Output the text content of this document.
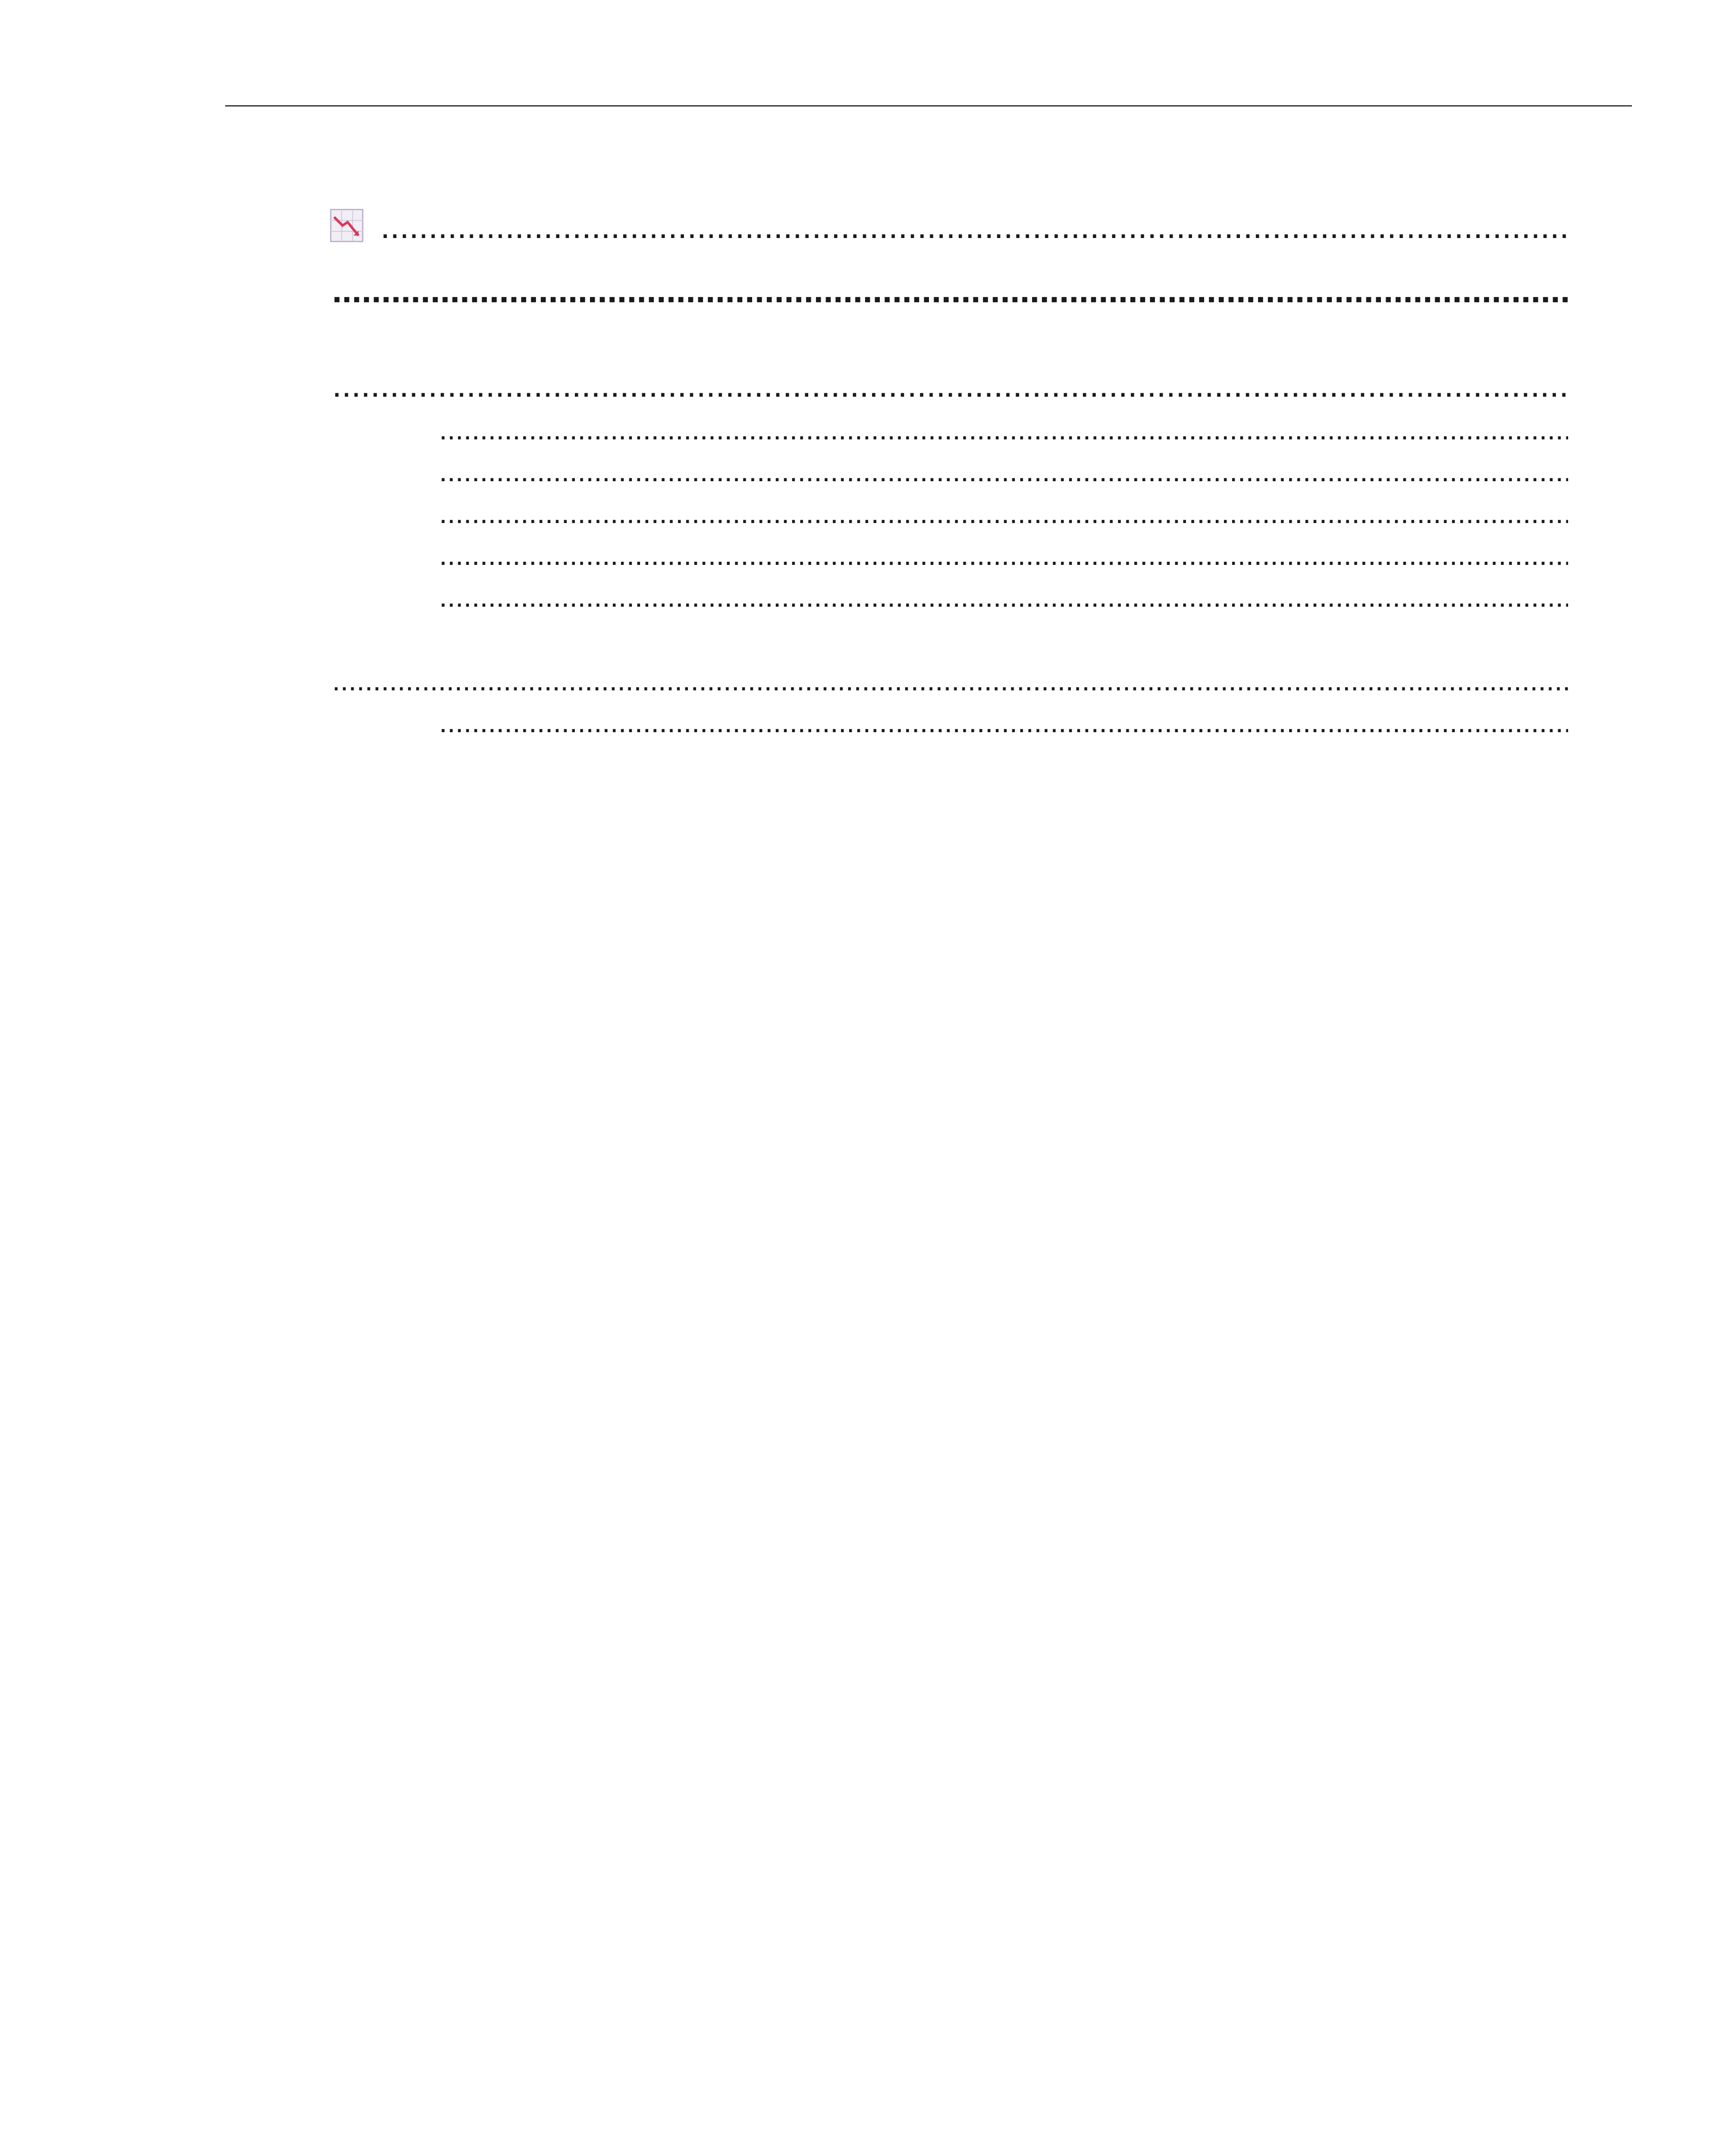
.....
.....
.....
.....
.....
.....
.....
.....
.....
.....
